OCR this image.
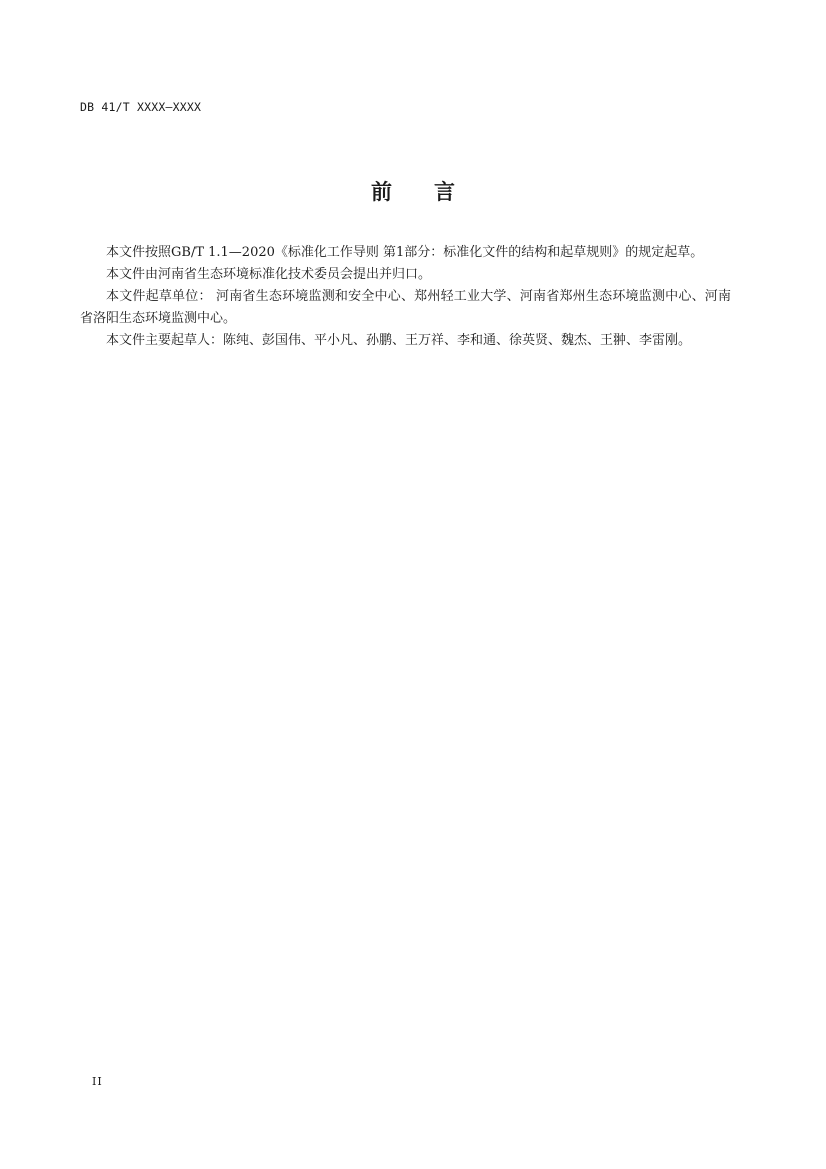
DB 41/T XXXX—XXXX
前 言

本文件按照GB/T 1.1—2020《标准化工作导则 第1部分：标准化文件的结构和起草规则》的规定起草。

本文件由河南省生态环境标准化技术委员会提出并归口。

本文件起草单位： 河南省生态环境监测和安全中心、郑州轻工业大学、河南省郑州生态环境监测中心、河南省洛阳生态环境监测中心。

本文件主要起草人：陈纯、彭国伟、平小凡、孙鹏、王万祥、李和通、徐英贤、魏杰、王翀、李雷刚。

II
